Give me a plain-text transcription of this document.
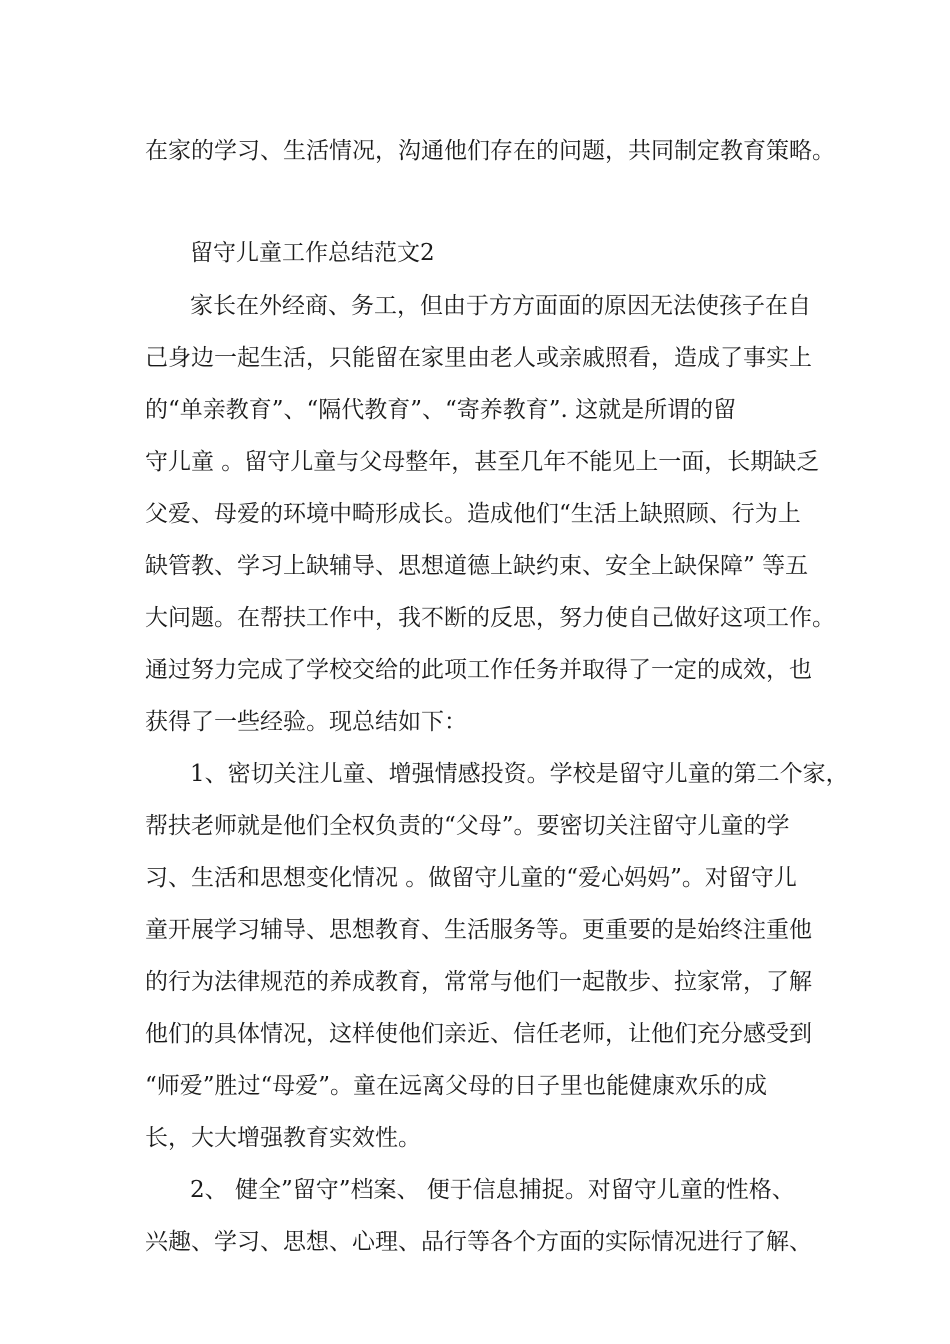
在家的学习、生活情况，沟通他们存在的问题，共同制定教育策略。
留守儿童工作总结范文2
家长在外经商、务工，但由于方方面面的原因无法使孩子在自
己身边一起生活，只能留在家里由老人或亲戚照看，造成了事实上
的“单亲教育”、“隔代教育”、“寄养教育”. 这就是所谓的留
守儿童 。留守儿童与父母整年，甚至几年不能见上一面，长期缺乏
父爱、母爱的环境中畸形成长。造成他们“生活上缺照顾、行为上
缺管教、学习上缺辅导、思想道德上缺约束、安全上缺保障” 等五
大问题。在帮扶工作中，我不断的反思，努力使自己做好这项工作。
通过努力完成了学校交给的此项工作任务并取得了一定的成效，也
获得了一些经验。现总结如下：
1、密切关注儿童、增强情感投资。学校是留守儿童的第二个家，
帮扶老师就是他们全权负责的“父母”。要密切关注留守儿童的学
习、生活和思想变化情况 。做留守儿童的“爱心妈妈”。对留守儿
童开展学习辅导、思想教育、生活服务等。更重要的是始终注重他
的行为法律规范的养成教育，常常与他们一起散步、拉家常，了解
他们的具体情况，这样使他们亲近、信任老师，让他们充分感受到
“师爱”胜过“母爱”。童在远离父母的日子里也能健康欢乐的成
长，大大增强教育实效性。
2、 健全”留守”档案、 便于信息捕捉。对留守儿童的性格、
兴趣、学习、思想、心理、品行等各个方面的实际情况进行了解、
